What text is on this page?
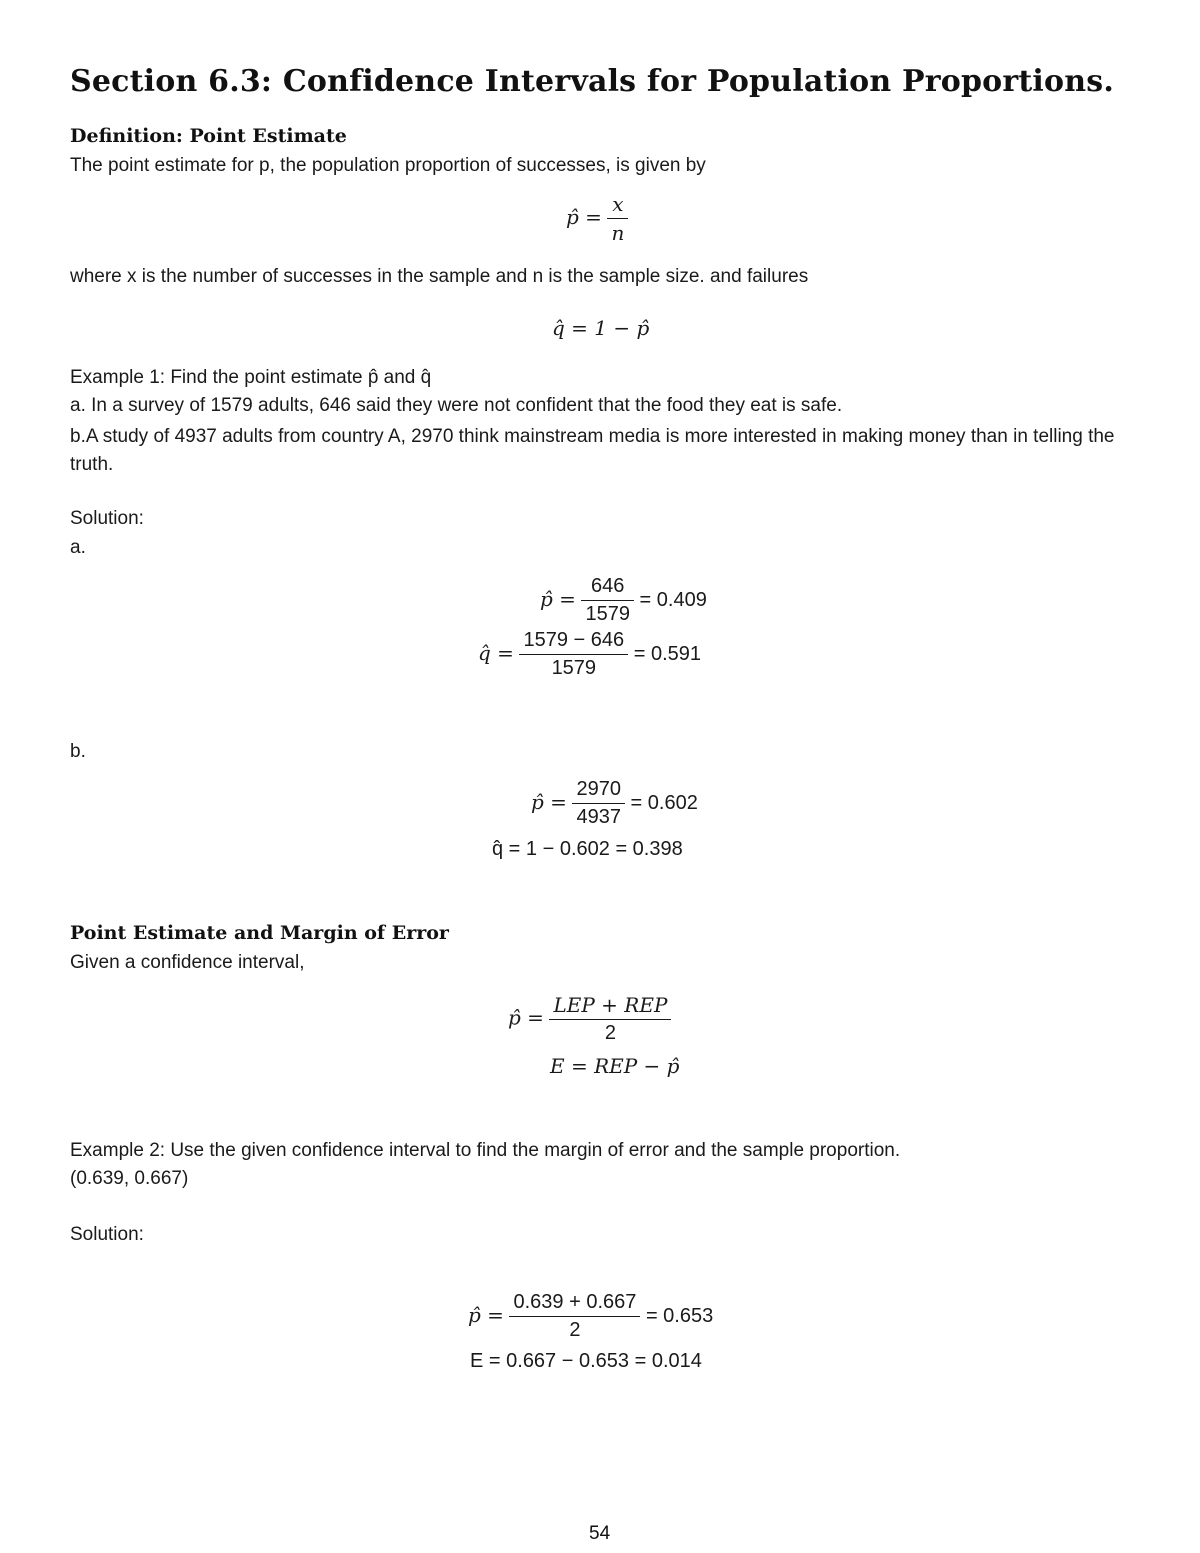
Section 6.3: Confidence Intervals for Population Proportions.
Definition: Point Estimate
The point estimate for p, the population proportion of successes, is given by
p̂ = $\frac{x}{n}$
where x is the number of successes in the sample and n is the sample size. and failures
q̂ = 1 − p̂
Example 1: Find the point estimate p̂ and q̂
a. In a survey of 1579 adults, 646 said they were not confident that the food they eat is safe.
b.A study of 4937 adults from country A, 2970 think mainstream media is more interested in making money than in telling the truth.
Solution:
a.
p̂ = $\frac{646}{1579} = 0.409$
q̂ = $\frac{1579 - 646}{1579} = 0.591$
b.
p̂ = $\frac{2970}{4937} = 0.602$
q̂ = 1 − 0.602 = 0.398
Point Estimate and Margin of Error
Given a confidence interval,
p̂ = $\frac{\text{LEP + REP}}{2}$
E = REP − p̂
Example 2: Use the given confidence interval to find the margin of error and the sample proportion.
(0.639, 0.667)
Solution:
p̂ = $\frac{0.639 + 0.667}{2} = 0.653$
E = 0.667 − 0.653 = 0.014
54
